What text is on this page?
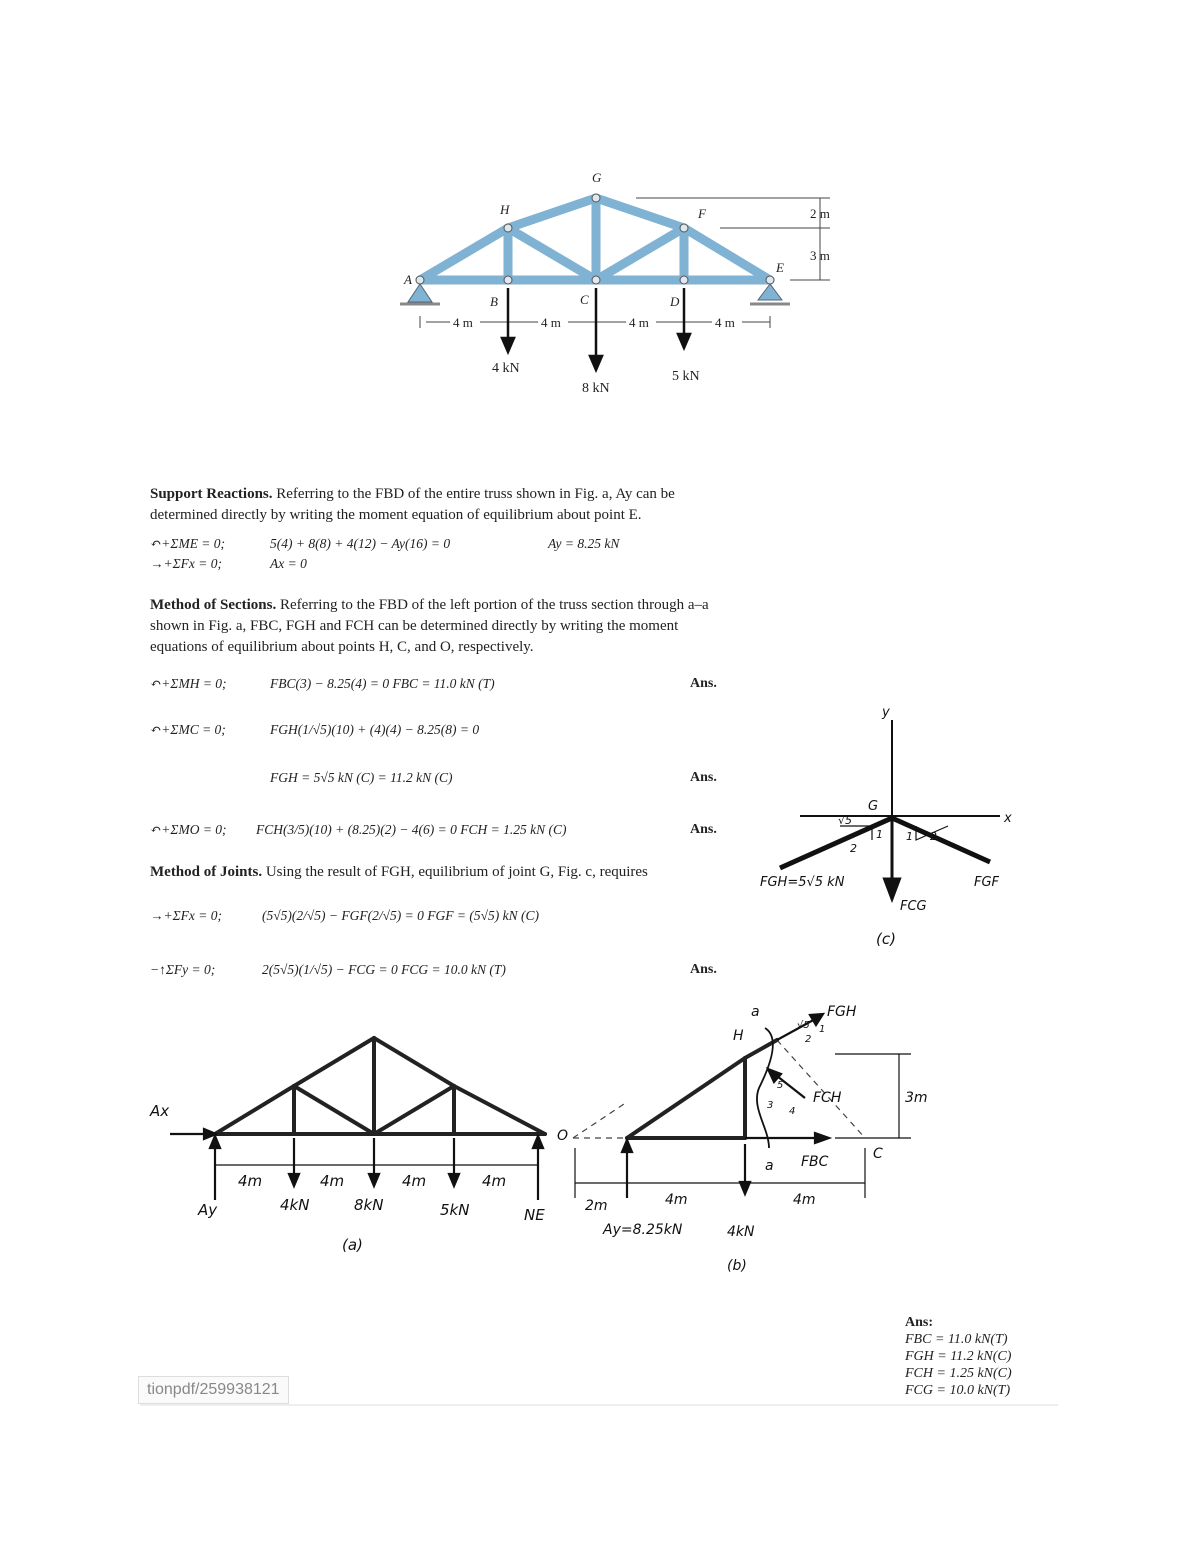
A
B	C	D
E
F
G
H
4 m	4 m	4 m	4 m
2 m
3 m
4 kN
8 kN
5 kN
Support Reactions. Referring to the FBD of the entire truss shown in Fig. a, Ay can be determined directly by writing the moment equation of equilibrium about point E.
↶+ΣME = 0;	5(4) + 8(8) + 4(12) − Ay(16) = 0	Ay = 8.25 kN
→+ΣFx = 0;	Ax = 0
Method of Sections. Referring to the FBD of the left portion of the truss section through a–a shown in Fig. a, FBC, FGH and FCH can be determined directly by writing the moment equations of equilibrium about points H, C, and O, respectively.
↶+ΣMH = 0;	FBC(3) − 8.25(4) = 0 FBC = 11.0 kN (T)	Ans.
↶+ΣMC = 0;	FGH(1/√5)(10) + (4)(4) − 8.25(8) = 0
FGH = 5√5 kN (C) = 11.2 kN (C)	Ans.
↶+ΣMO = 0; FCH(3/5)(10) + (8.25)(2) − 4(6) = 0 FCH = 1.25 kN (C)	Ans.
Method of Joints. Using the result of FGH, equilibrium of joint G, Fig. c, requires
→+ΣFx = 0;	(5√5)(2/√5) − FGF(2/√5) = 0 FGF = (5√5) kN (C)
−↑ΣFy = 0;	2(5√5)(1/√5) − FCG = 0 FCG = 10.0 kN (T)	Ans.
y
x
G
√5
1
2
1 2
FGH=5√5 kN
FCG
FGF
(c)
Ax
Ay	NE
4m	4m	4m	4m
4kN	8kN	5kN
(a)
a
H
O
C
a
FGH
FCH
FBC
√5 1
2
3
4
5
3m
2m	4m	4m
Ay=8.25kN	4kN
(b)
tionpdf/259938121
Ans:
FBC = 11.0 kN(T)
FGH = 11.2 kN(C)
FCH = 1.25 kN(C)
FCG = 10.0 kN(T)
